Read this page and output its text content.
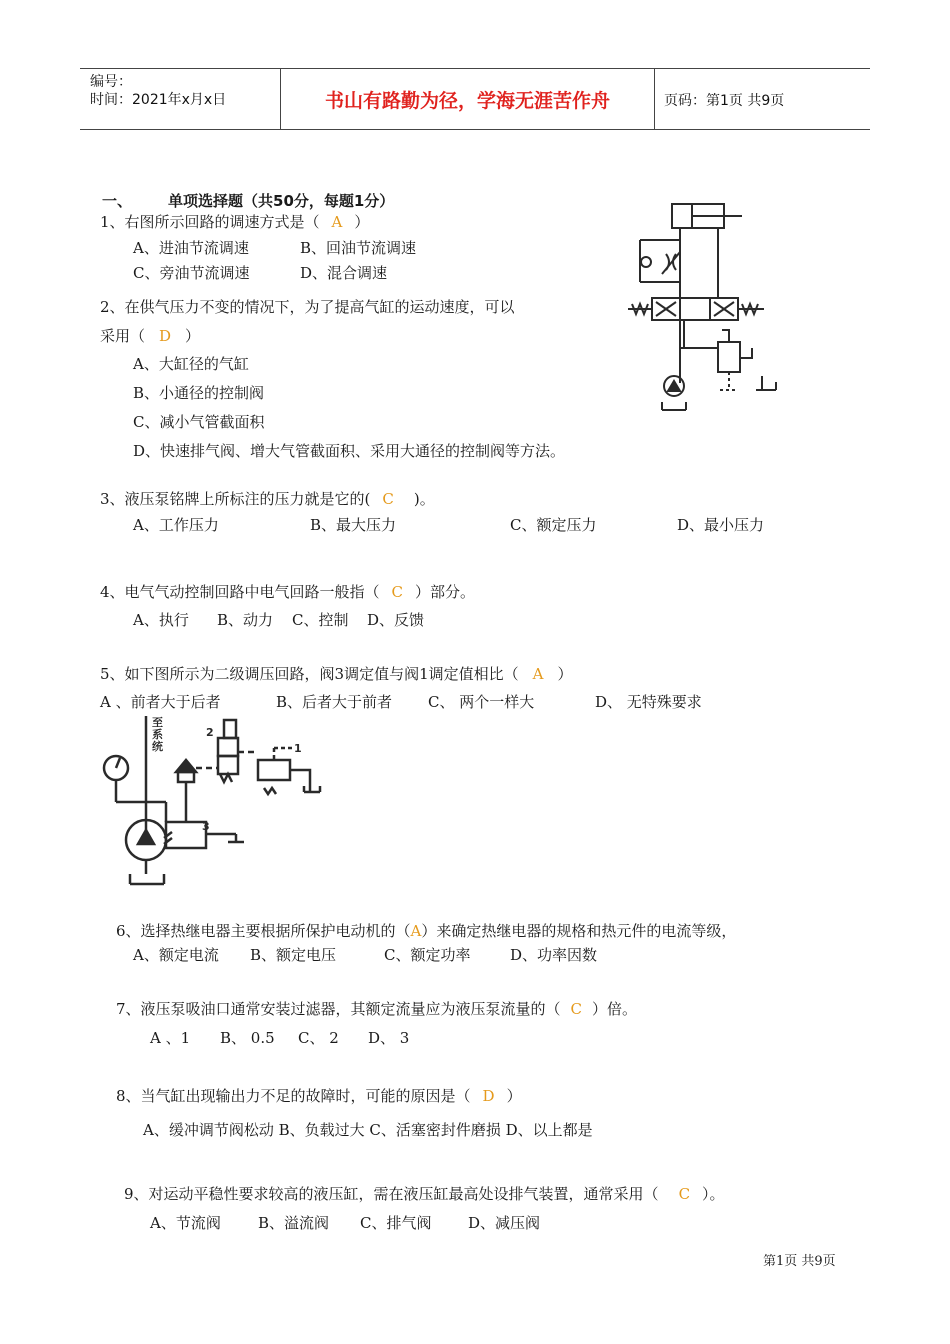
编号：
时间：2021年x月x日	书山有路勤为径，学海无涯苦作舟	页码：第1页 共9页
一、 单项选择题（共50分，每题1分）
1、右图所示回路的调速方式是（ A ）
A、进油节流调速	B、回油节流调速
C、旁油节流调速	D、混合调速
2、在供气压力不变的情况下，为了提高气缸的运动速度，可以
采用（ D ）
A、大缸径的气缸
B、小通径的控制阀
C、减小气管截面积
D、快速排气阀、增大气管截面积、采用大通径的控制阀等方法。
3、液压泵铭牌上所标注的压力就是它的( C )。
A、工作压力	B、最大压力	C、额定压力	D、最小压力
4、电气气动控制回路中电气回路一般指（ C ）部分。
A、执行 B、动力 C、控制 D、反馈
5、如下图所示为二级调压回路，阀3调定值与阀1调定值相比（ A ）
A 、前者大于后者	B、后者大于前者 C、 两个一样大	D、 无特殊要求
至
系
统
2
1
3
6、选择热继电器主要根据所保护电动机的（A）来确定热继电器的规格和热元件的电流等级，
A、额定电流 B、额定电压	C、额定功率	D、功率因数
7、液压泵吸油口通常安装过滤器，其额定流量应为液压泵流量的（ C ）倍。
A 、1 B、 0.5 C、 2 D、 3
8、当气缸出现输出力不足的故障时，可能的原因是（ D ）
A、缓冲调节阀松动 B、负载过大 C、活塞密封件磨损 D、以上都是
9、对运动平稳性要求较高的液压缸，需在液压缸最高处设排气装置，通常采用（ C ）。
A、节流阀 B、溢流阀 C、排气阀 D、减压阀
第1页 共9页
